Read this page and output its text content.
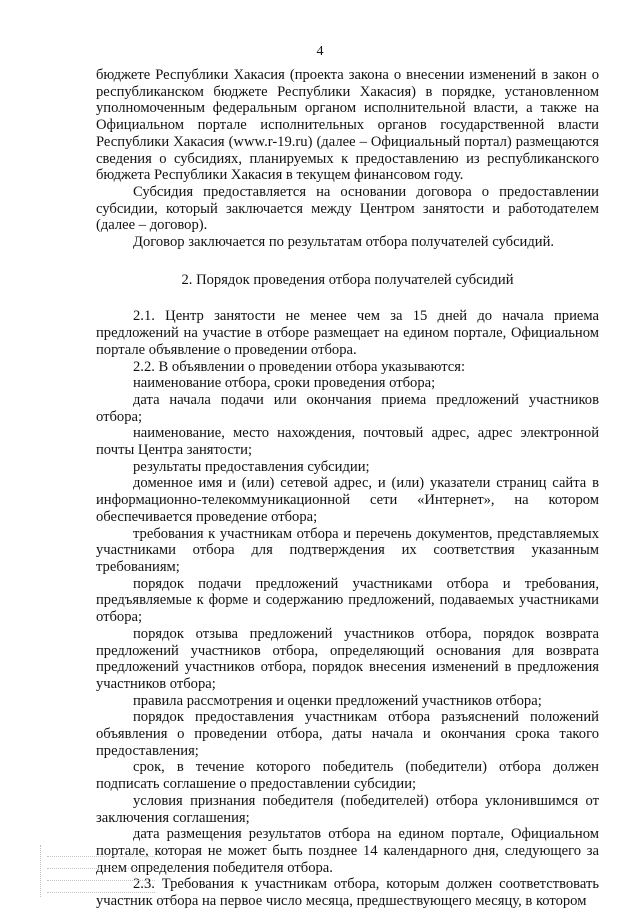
4

бюджете Республики Хакасия (проекта закона о внесении изменений в закон о республиканском бюджете Республики Хакасия) в порядке, установленном уполномоченным федеральным органом исполнительной власти, а также на Официальном портале исполнительных органов государственной власти Республики Хакасия (www.r-19.ru) (далее – Официальный портал) размещаются сведения о субсидиях, планируемых к предоставлению из республиканского бюджета Республики Хакасия в текущем финансовом году.

Субсидия предоставляется на основании договора о предоставлении субсидии, который заключается между Центром занятости и работодателем (далее – договор).

Договор заключается по результатам отбора получателей субсидий.

2. Порядок проведения отбора получателей субсидий

2.1. Центр занятости не менее чем за 15 дней до начала приема предложений на участие в отборе размещает на едином портале, Официальном портале объявление о проведении отбора.

2.2. В объявлении о проведении отбора указываются:

наименование отбора, сроки проведения отбора;

дата начала подачи или окончания приема предложений участников отбора;

наименование, место нахождения, почтовый адрес, адрес электронной почты Центра занятости;

результаты предоставления субсидии;

доменное имя и (или) сетевой адрес, и (или) указатели страниц сайта в информационно-телекоммуникационной сети «Интернет», на котором обеспечивается проведение отбора;

требования к участникам отбора и перечень документов, представляемых участниками отбора для подтверждения их соответствия указанным требованиям;

порядок подачи предложений участниками отбора и требования, предъявляемые к форме и содержанию предложений, подаваемых участниками отбора;

порядок отзыва предложений участников отбора, порядок возврата предложений участников отбора, определяющий основания для возврата предложений участников отбора, порядок внесения изменений в предложения участников отбора;

правила рассмотрения и оценки предложений участников отбора;

порядок предоставления участникам отбора разъяснений положений объявления о проведении отбора, даты начала и окончания срока такого предоставления;

срок, в течение которого победитель (победители) отбора должен подписать соглашение о предоставлении субсидии;

условия признания победителя (победителей) отбора уклонившимся от заключения соглашения;

дата размещения результатов отбора на едином портале, Официальном портале, которая не может быть позднее 14 календарного дня, следующего за днем определения победителя отбора.

2.3. Требования к участникам отбора, которым должен соответствовать участник отбора на первое число месяца, предшествующего месяцу, в котором
